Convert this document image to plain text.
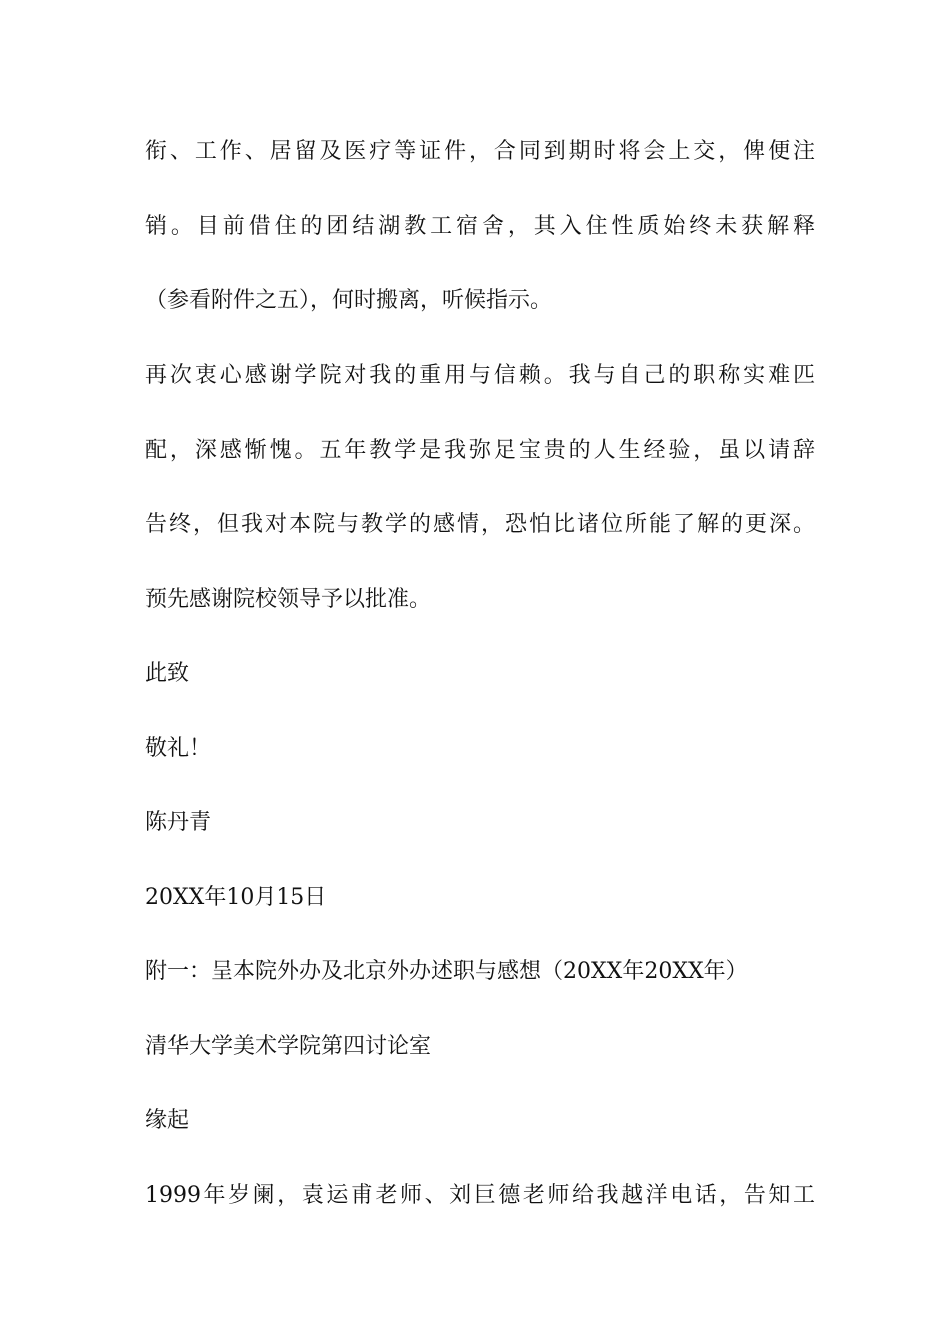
衔、工作、居留及医疗等证件，合同到期时将会上交，俾便注
销。目前借住的团结湖教工宿舍，其入住性质始终未获解释
（参看附件之五），何时搬离，听候指示。
再次衷心感谢学院对我的重用与信赖。我与自己的职称实难匹
配，深感惭愧。五年教学是我弥足宝贵的人生经验，虽以请辞
告终，但我对本院与教学的感情，恐怕比诸位所能了解的更深。
预先感谢院校领导予以批准。
此致
敬礼！
陈丹青
20XX年10月15日
附一：呈本院外办及北京外办述职与感想（20XX年20XX年）
清华大学美术学院第四讨论室
缘起
1999年岁阑，袁运甫老师、刘巨德老师给我越洋电话，告知工
